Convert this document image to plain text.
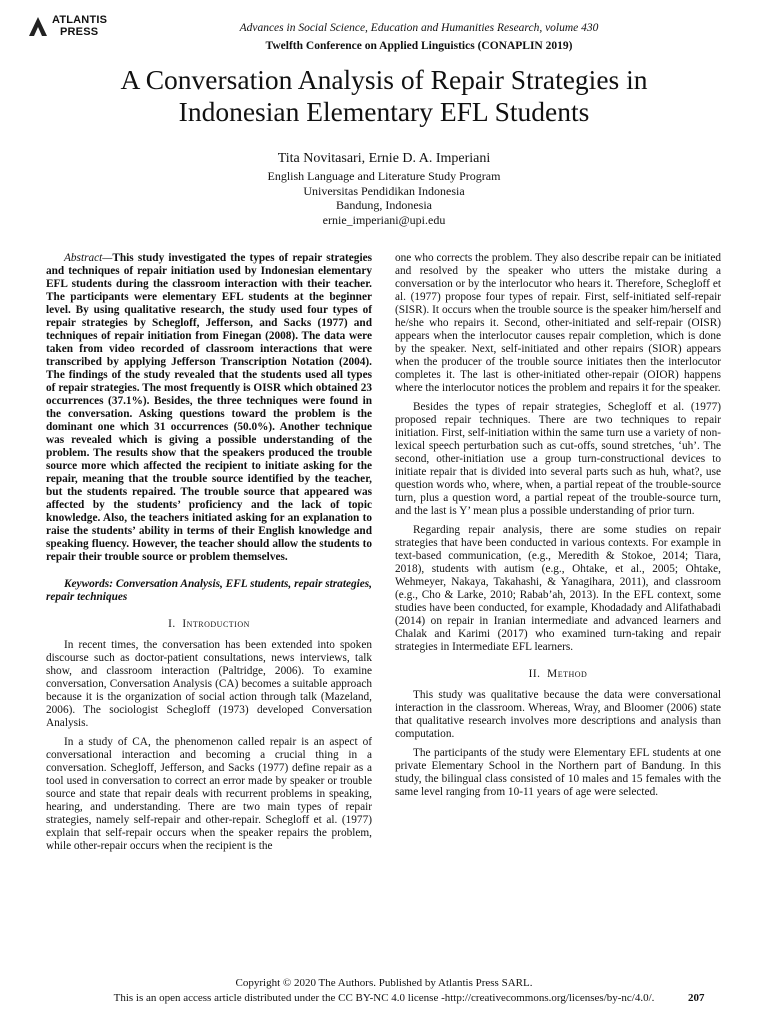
ATLANTIS
PRESS	Advances in Social Science, Education and Humanities Research, volume 430
Twelfth Conference on Applied Linguistics (CONAPLIN 2019)
A Conversation Analysis of Repair Strategies in
Indonesian Elementary EFL Students
Tita Novitasari, Ernie D. A. Imperiani
English Language and Literature Study Program
Universitas Pendidikan Indonesia
Bandung, Indonesia
ernie_imperiani@upi.edu

Abstract—This study investigated the types of repair strategies and techniques of repair initiation used by Indonesian elementary EFL students during the classroom interaction with their teacher. The participants were elementary EFL students at the beginner level. By using qualitative research, the study used four types of repair strategies by Schegloff, Jefferson, and Sacks (1977) and techniques of repair initiation from Finegan (2008). The data were taken from video recorded of classroom interactions that were transcribed by applying Jefferson Transcription Notation (2004). The findings of the study revealed that the students used all types of repair strategies. The most frequently is OISR which obtained 23 occurrences (37.1%). Besides, the three techniques were found in the conversation. Asking questions toward the problem is the dominant one which 31 occurrences (50.0%). Another technique was revealed which is giving a possible understanding of the problem. The results show that the speakers produced the trouble source more which affected the recipient to initiate asking for the repair, meaning that the trouble source identified by the teacher, but the students repaired. The trouble source that appeared was affected by the students’ proficiency and the lack of topic knowledge. Also, the teachers initiated asking for an explanation to raise the students’ ability in terms of their English knowledge and speaking fluency. However, the teacher should allow the students to repair their trouble source or problem themselves.

Keywords: Conversation Analysis, EFL students, repair strategies, repair techniques

I. Introduction

In recent times, the conversation has been extended into spoken discourse such as doctor-patient consultations, news interviews, talk show, and classroom interaction (Paltridge, 2006). To examine conversation, Conversation Analysis (CA) becomes a suitable approach because it is the organization of social action through talk (Mazeland, 2006). The sociologist Schegloff (1973) developed Conversation Analysis.

In a study of CA, the phenomenon called repair is an aspect of conversational interaction and becoming a crucial thing in a conversation. Schegloff, Jefferson, and Sacks (1977) define repair as a tool used in conversation to correct an error made by speaker or trouble source and state that repair deals with recurrent problems in speaking, hearing, and understanding. There are two main types of repair strategies, namely self-repair and other-repair. Schegloff et al. (1977) explain that self-repair occurs when the speaker repairs the problem, while other-repair occurs when the recipient is the

one who corrects the problem. They also describe repair can be initiated and resolved by the speaker who utters the mistake during a conversation or by the interlocutor who hears it. Therefore, Schegloff et al. (1977) propose four types of repair. First, self-initiated self-repair (SISR). It occurs when the trouble source is the speaker him/herself and he/she who repairs it. Second, other-initiated and self-repair (OISR) appears when the interlocutor causes repair completion, which is done by the speaker. Next, self-initiated and other repairs (SIOR) appears when the producer of the trouble source initiates then the interlocutor completes it. The last is other-initiated other-repair (OIOR) happens where the interlocutor notices the problem and repairs it for the speaker.

Besides the types of repair strategies, Schegloff et al. (1977) proposed repair techniques. There are two techniques to repair initiation. First, self-initiation within the same turn use a variety of non-lexical speech perturbation such as cut-offs, sound stretches, ‘uh’. The second, other-initiation use a group turn-constructional devices to initiate repair that is divided into several parts such as huh, what?, use question words who, where, when, a partial repeat of the trouble-source turn, plus a question word, a partial repeat of the trouble-source turn, and the last is Y’ mean plus a possible understanding of prior turn.

Regarding repair analysis, there are some studies on repair strategies that have been conducted in various contexts. For example in text-based communication, (e.g., Meredith & Stokoe, 2014; Tiara, 2018), students with autism (e.g., Ohtake, et al., 2005; Ohtake, Wehmeyer, Nakaya, Takahashi, & Yanagihara, 2011), and classroom (e.g., Cho & Larke, 2010; Rabab’ah, 2013). In the EFL context, some studies have been conducted, for example, Khodadady and Alifathabadi (2014) on repair in Iranian intermediate and advanced learners and Chalak and Karimi (2017) who examined turn-taking and repair strategies in Intermediate EFL learners.

II. Method

This study was qualitative because the data were conversational interaction in the classroom. Whereas, Wray, and Bloomer (2006) state that qualitative research involves more descriptions and analysis than computation.

The participants of the study were Elementary EFL students at one private Elementary School in the Northern part of Bandung. In this study, the bilingual class consisted of 10 males and 15 females with the same level ranging from 10-11 years of age were selected.

Copyright © 2020 The Authors. Published by Atlantis Press SARL.
This is an open access article distributed under the CC BY-NC 4.0 license -http://creativecommons.org/licenses/by-nc/4.0/.	207
